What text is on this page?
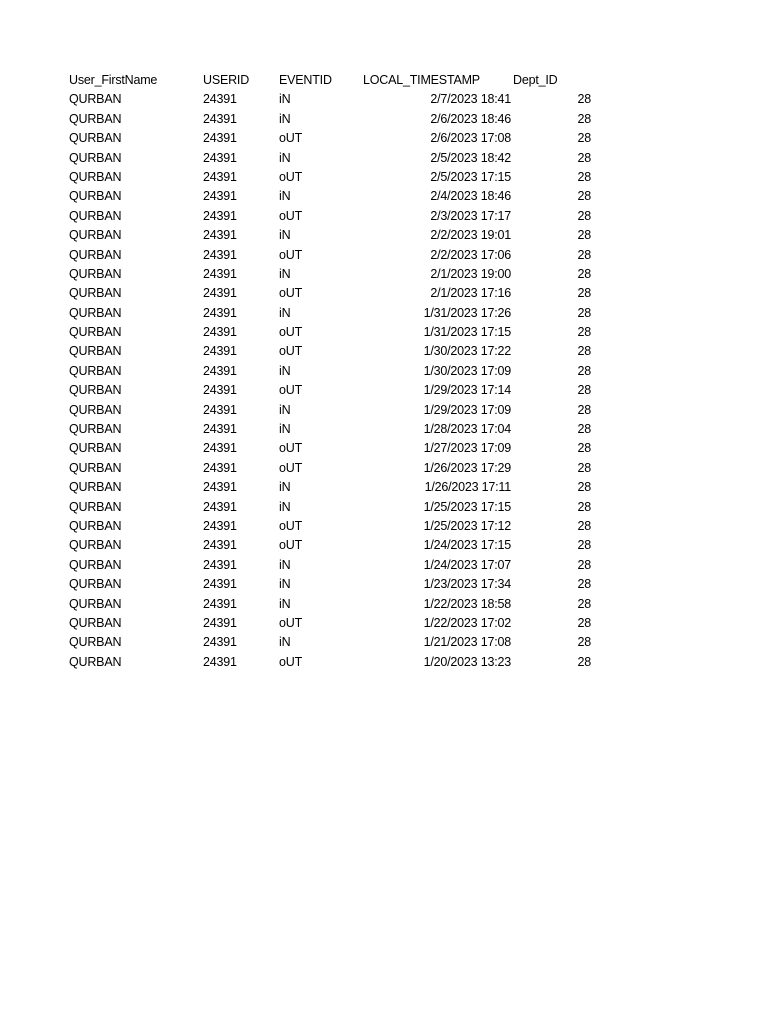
User_FirstName	USERID	EVENTID	LOCAL_TIMESTAMP	Dept_ID
QURBAN	24391	iN	2/7/2023 18:41	28
QURBAN	24391	iN	2/6/2023 18:46	28
QURBAN	24391	oUT	2/6/2023 17:08	28
QURBAN	24391	iN	2/5/2023 18:42	28
QURBAN	24391	oUT	2/5/2023 17:15	28
QURBAN	24391	iN	2/4/2023 18:46	28
QURBAN	24391	oUT	2/3/2023 17:17	28
QURBAN	24391	iN	2/2/2023 19:01	28
QURBAN	24391	oUT	2/2/2023 17:06	28
QURBAN	24391	iN	2/1/2023 19:00	28
QURBAN	24391	oUT	2/1/2023 17:16	28
QURBAN	24391	iN	1/31/2023 17:26	28
QURBAN	24391	oUT	1/31/2023 17:15	28
QURBAN	24391	oUT	1/30/2023 17:22	28
QURBAN	24391	iN	1/30/2023 17:09	28
QURBAN	24391	oUT	1/29/2023 17:14	28
QURBAN	24391	iN	1/29/2023 17:09	28
QURBAN	24391	iN	1/28/2023 17:04	28
QURBAN	24391	oUT	1/27/2023 17:09	28
QURBAN	24391	oUT	1/26/2023 17:29	28
QURBAN	24391	iN	1/26/2023 17:11	28
QURBAN	24391	iN	1/25/2023 17:15	28
QURBAN	24391	oUT	1/25/2023 17:12	28
QURBAN	24391	oUT	1/24/2023 17:15	28
QURBAN	24391	iN	1/24/2023 17:07	28
QURBAN	24391	iN	1/23/2023 17:34	28
QURBAN	24391	iN	1/22/2023 18:58	28
QURBAN	24391	oUT	1/22/2023 17:02	28
QURBAN	24391	iN	1/21/2023 17:08	28
QURBAN	24391	oUT	1/20/2023 13:23	28
